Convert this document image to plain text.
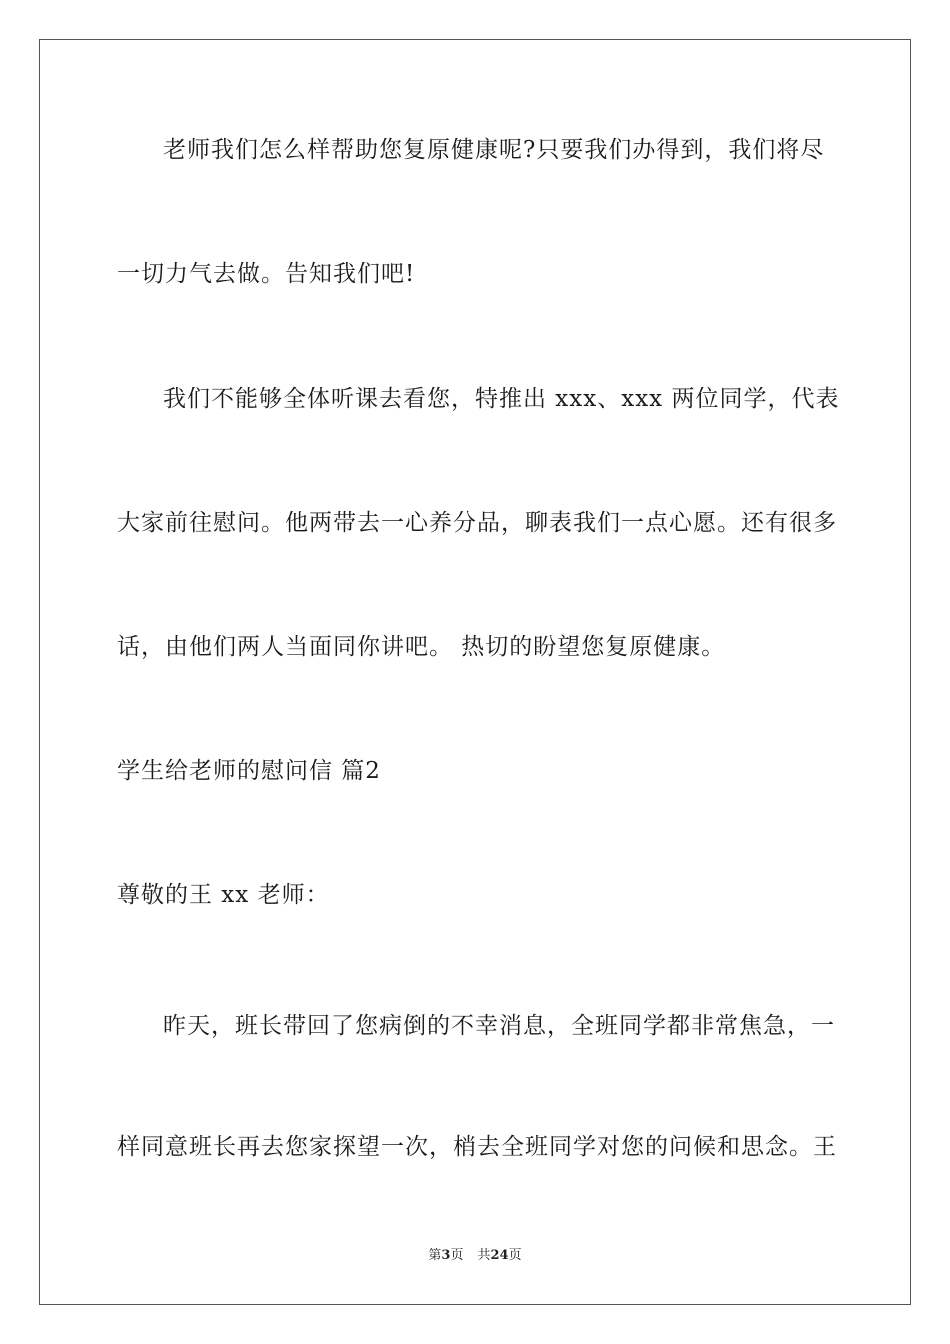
老师我们怎么样帮助您复原健康呢?只要我们办得到，我们将尽
一切力气去做。告知我们吧!
我们不能够全体听课去看您，特推出 xxx、xxx 两位同学，代表
大家前往慰问。他两带去一心养分品，聊表我们一点心愿。还有很多
话，由他们两人当面同你讲吧。 热切的盼望您复原健康。
学生给老师的慰问信 篇2
尊敬的王 xx 老师：
昨天，班长带回了您病倒的不幸消息，全班同学都非常焦急，一
样同意班长再去您家探望一次，梢去全班同学对您的问候和思念。王
第3页 共24页
